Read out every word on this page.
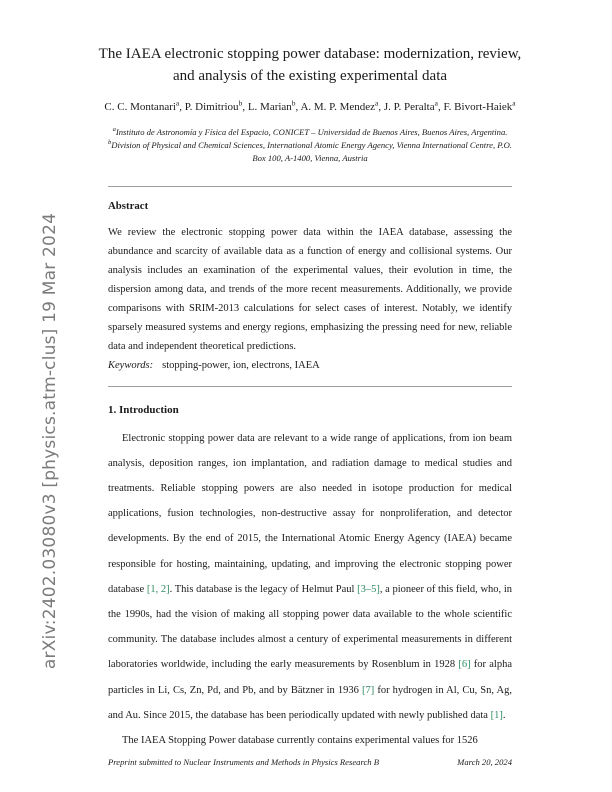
arXiv:2402.03080v3 [physics.atm-clus] 19 Mar 2024
The IAEA electronic stopping power database: modernization, review, and analysis of the existing experimental data
C. C. Montanari$^a$, P. Dimitriou$^b$, L. Marian$^b$, A. M. P. Mendez$^a$, J. P. Peralta$^a$, F. Bivort-Haiek$^a$
$^a$Instituto de Astronomía y Física del Espacio, CONICET – Universidad de Buenos Aires, Buenos Aires, Argentina.
$^b$Division of Physical and Chemical Sciences, International Atomic Energy Agency, Vienna International Centre, P.O. Box 100, A-1400, Vienna, Austria
Abstract

We review the electronic stopping power data within the IAEA database, assessing the abundance and scarcity of available data as a function of energy and collisional systems. Our analysis includes an examination of the experimental values, their evolution in time, the dispersion among data, and trends of the more recent measurements. Additionally, we provide comparisons with SRIM-2013 calculations for select cases of interest. Notably, we identify sparsely measured systems and energy regions, emphasizing the pressing need for new, reliable data and independent theoretical predictions.

Keywords: stopping-power, ion, electrons, IAEA

1. Introduction

Electronic stopping power data are relevant to a wide range of applications, from ion beam analysis, deposition ranges, ion implantation, and radiation damage to medical studies and treatments. Reliable stopping powers are also needed in isotope production for medical applications, fusion technologies, non-destructive assay for nonproliferation, and detector developments. By the end of 2015, the International Atomic Energy Agency (IAEA) became responsible for hosting, maintaining, updating, and improving the electronic stopping power database [1, 2]. This database is the legacy of Helmut Paul [3–5], a pioneer of this field, who, in the 1990s, had the vision of making all stopping power data available to the whole scientific community. The database includes almost a century of experimental measurements in different laboratories worldwide, including the early measurements by Rosenblum in 1928 [6] for alpha particles in Li, Cs, Zn, Pd, and Pb, and by Bätzner in 1936 [7] for hydrogen in Al, Cu, Sn, Ag, and Au. Since 2015, the database has been periodically updated with newly published data [1].

The IAEA Stopping Power database currently contains experimental values for 1526

Preprint submitted to Nuclear Instruments and Methods in Physics Research B	March 20, 2024
